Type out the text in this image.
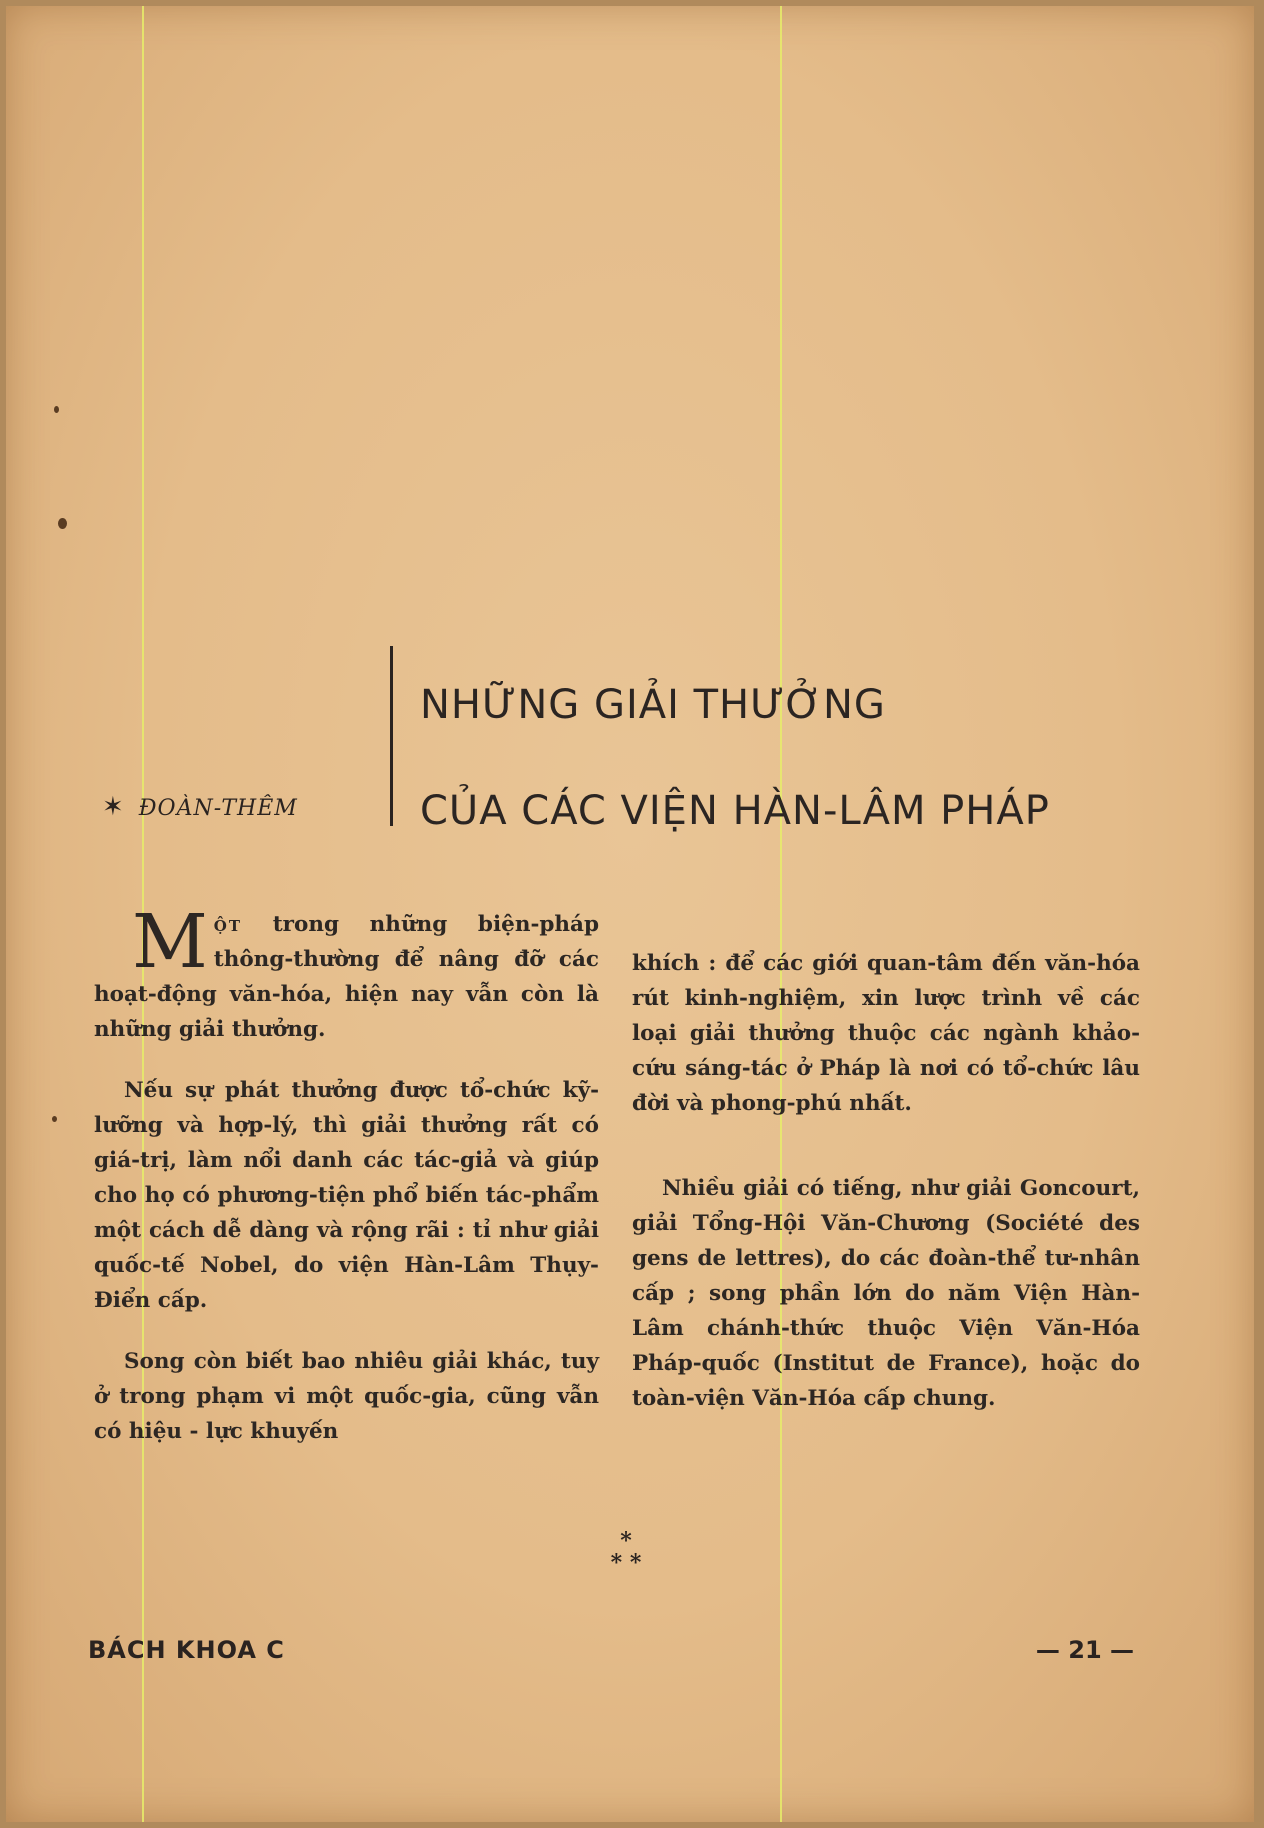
NHỮNG GIẢI THƯỞNG
CỦA CÁC VIỆN HÀN-LÂM PHÁP
✶ ĐOÀN-THÊM

Một trong những biện-pháp thông-thường để nâng đỡ các hoạt-động văn-hóa, hiện nay vẫn còn là những giải thưởng.

Nếu sự phát thưởng được tổ-chức kỹ-lưỡng và hợp-lý, thì giải thưởng rất có giá-trị, làm nổi danh các tác-giả và giúp cho họ có phương-tiện phổ biến tác-phẩm một cách dễ dàng và rộng rãi : tỉ như giải quốc-tế Nobel, do viện Hàn-Lâm Thụy-Điển cấp.

Song còn biết bao nhiêu giải khác, tuy ở trong phạm vi một quốc-gia, cũng vẫn có hiệu - lực khuyến

khích : để các giới quan-tâm đến văn-hóa rút kinh-nghiệm, xin lược trình về các loại giải thưởng thuộc các ngành khảo-cứu sáng-tác ở Pháp là nơi có tổ-chức lâu đời và phong-phú nhất.

Nhiều giải có tiếng, như giải Goncourt, giải Tổng-Hội Văn-Chương (Société des gens de lettres), do các đoàn-thể tư-nhân cấp ; song phần lớn do năm Viện Hàn-Lâm chánh-thức thuộc Viện Văn-Hóa Pháp-quốc (Institut de France), hoặc do toàn-viện Văn-Hóa cấp chung.

*
* *
BÁCH KHOA C	— 21 —
